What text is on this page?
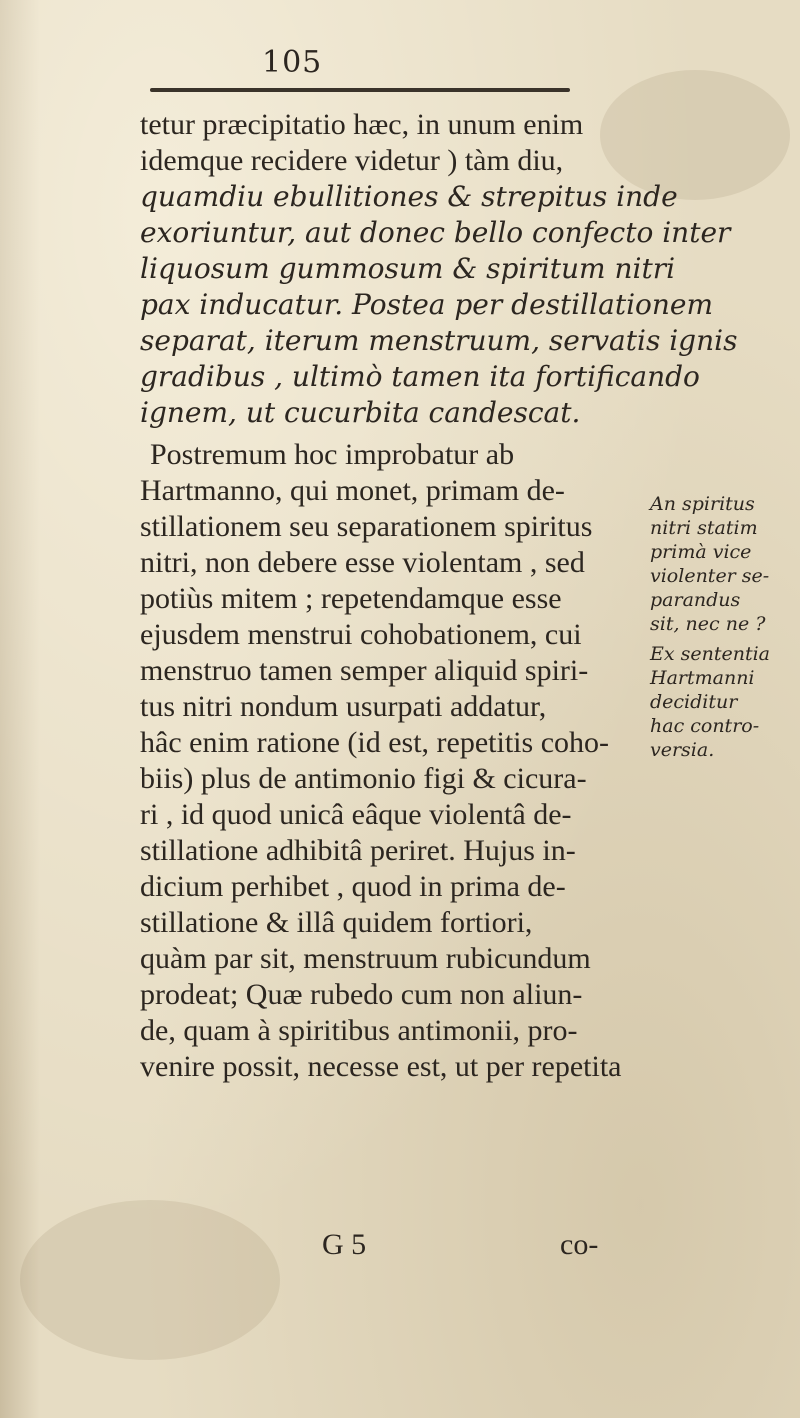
105
tetur præcipitatio hæc, in unum enim
idemque recidere videtur ) tàm diu,
quamdiu ebullitiones & strepitus inde
exoriuntur, aut donec bello confecto inter
liquosum gummosum & spiritum nitri
pax inducatur. Postea per destillationem
separat, iterum menstruum, servatis ignis
gradibus , ultimò tamen ita fortificando
ignem, ut cucurbita candescat.
Postremum hoc improbatur ab
Hartmanno, qui monet, primam de-
stillationem seu separationem spiritus
nitri, non debere esse violentam , sed
potiùs mitem ; repetendamque esse
ejusdem menstrui cohobationem, cui
menstruo tamen semper aliquid spiri-
tus nitri nondum usurpati addatur,
hâc enim ratione (id est, repetitis coho-
biis) plus de antimonio figi & cicura-
ri , id quod unicâ eâque violentâ de-
stillatione adhibitâ periret. Hujus in-
dicium perhibet , quod in prima de-
stillatione & illâ quidem fortiori,
quàm par sit, menstruum rubicundum
prodeat; Quæ rubedo cum non aliun-
de, quam à spiritibus antimonii, pro-
venire possit, necesse est, ut per repetita
An spiritus
nitri statim
primà vice
violenter se-
parandus
sit, nec ne ?
Ex sententia
Hartmanni
deciditur
hac contro-
versia.
G 5	co-
